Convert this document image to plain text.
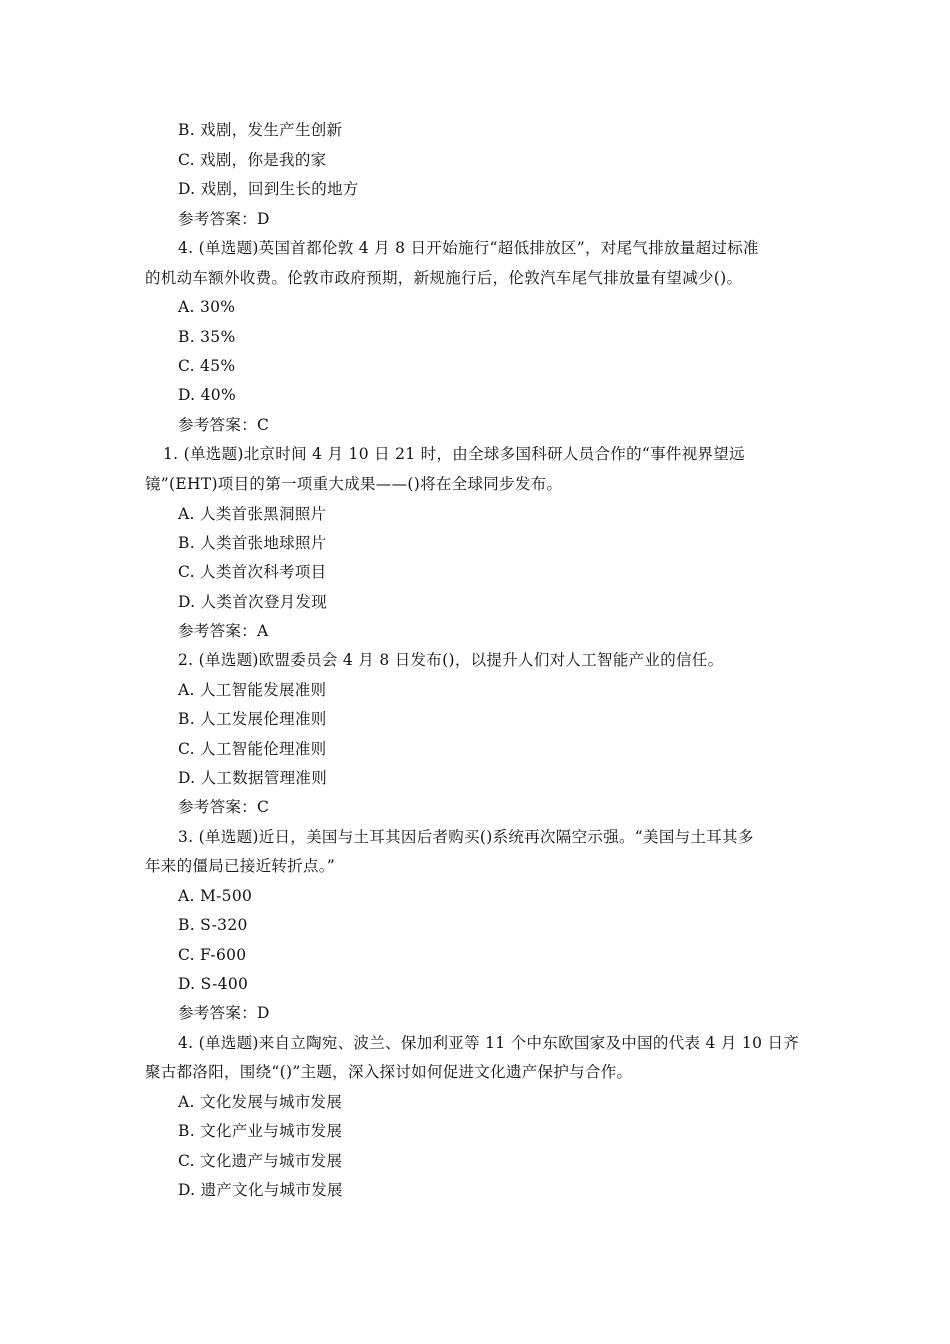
B. 戏剧，发生产生创新
C. 戏剧，你是我的家
D. 戏剧，回到生长的地方
参考答案：D
4. (单选题)英国首都伦敦 4 月 8 日开始施行“超低排放区”，对尾气排放量超过标准
的机动车额外收费。伦敦市政府预期，新规施行后，伦敦汽车尾气排放量有望减少()。
A. 30%
B. 35%
C. 45%
D. 40%
参考答案：C
1. (单选题)北京时间 4 月 10 日 21 时，由全球多国科研人员合作的“事件视界望远
镜”(EHT)项目的第一项重大成果——()将在全球同步发布。
A. 人类首张黑洞照片
B. 人类首张地球照片
C. 人类首次科考项目
D. 人类首次登月发现
参考答案：A
2. (单选题)欧盟委员会 4 月 8 日发布()，以提升人们对人工智能产业的信任。
A. 人工智能发展准则
B. 人工发展伦理准则
C. 人工智能伦理准则
D. 人工数据管理准则
参考答案：C
3. (单选题)近日，美国与土耳其因后者购买()系统再次隔空示强。“美国与土耳其多
年来的僵局已接近转折点。”
A. M-500
B. S-320
C. F-600
D. S-400
参考答案：D
4. (单选题)来自立陶宛、波兰、保加利亚等 11 个中东欧国家及中国的代表 4 月 10 日齐
聚古都洛阳，围绕“()”主题，深入探讨如何促进文化遗产保护与合作。
A. 文化发展与城市发展
B. 文化产业与城市发展
C. 文化遗产与城市发展
D. 遗产文化与城市发展
